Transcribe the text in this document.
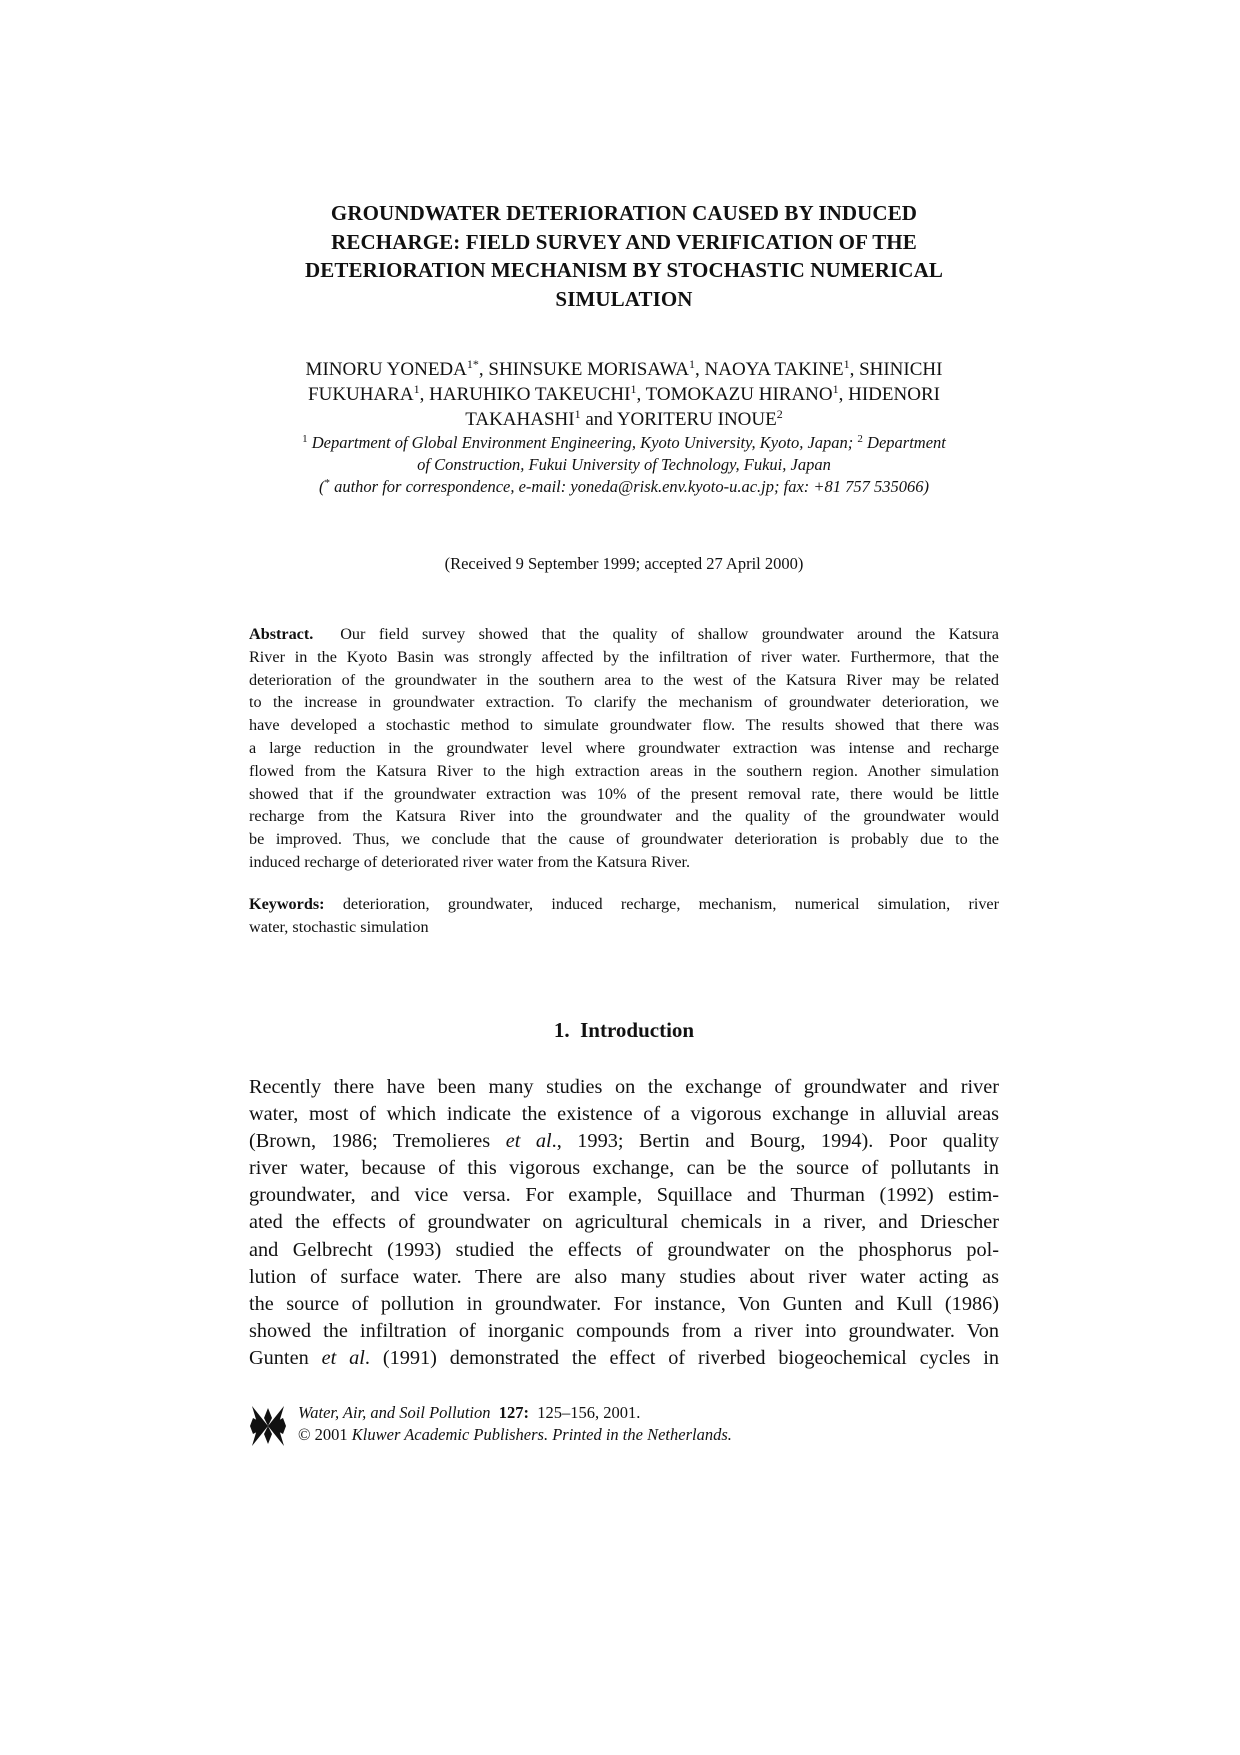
GROUNDWATER DETERIORATION CAUSED BY INDUCED
RECHARGE: FIELD SURVEY AND VERIFICATION OF THE
DETERIORATION MECHANISM BY STOCHASTIC NUMERICAL
SIMULATION
MINORU $YONEDA^{1*}$, SHINSUKE MORISAWA$^1$, NAOYA TAKINE$^1$, SHINICHI
FUKUHARA$^1$, HARUHIKO TAKEUCHI$^1$, TOMOKAZU HIRANO$^1$, HIDENORI
TAKAHASHI$^1$ and YORITERU INOUE$^2$
$^1$ Department of Global Environment Engineering, Kyoto University, Kyoto, Japan; $^2$ Department
of Construction, Fukui University of Technology, Fukui, Japan
(* author for correspondence, e-mail: yoneda@risk.env.kyoto-u.ac.jp; fax: +81 757 535066)
(Received 9 September 1999; accepted 27 April 2000)
Abstract. Our field survey showed that the quality of shallow groundwater around the Katsura
River in the Kyoto Basin was strongly affected by the infiltration of river water. Furthermore, that the
deterioration of the groundwater in the southern area to the west of the Katsura River may be related
to the increase in groundwater extraction. To clarify the mechanism of groundwater deterioration, we
have developed a stochastic method to simulate groundwater flow. The results showed that there was
a large reduction in the groundwater level where groundwater extraction was intense and recharge
flowed from the Katsura River to the high extraction areas in the southern region. Another simulation
showed that if the groundwater extraction was 10% of the present removal rate, there would be little
recharge from the Katsura River into the groundwater and the quality of the groundwater would
be improved. Thus, we conclude that the cause of groundwater deterioration is probably due to the
induced recharge of deteriorated river water from the Katsura River.
Keywords: deterioration, groundwater, induced recharge, mechanism, numerical simulation, river
water, stochastic simulation
1. Introduction
Recently there have been many studies on the exchange of groundwater and river
water, most of which indicate the existence of a vigorous exchange in alluvial areas
(Brown, 1986; Tremolieres et al., 1993; Bertin and Bourg, 1994). Poor quality
river water, because of this vigorous exchange, can be the source of pollutants in
groundwater, and vice versa. For example, Squillace and Thurman (1992) estim-
ated the effects of groundwater on agricultural chemicals in a river, and Driescher
and Gelbrecht (1993) studied the effects of groundwater on the phosphorus pol-
lution of surface water. There are also many studies about river water acting as
the source of pollution in groundwater. For instance, Von Gunten and Kull (1986)
showed the infiltration of inorganic compounds from a river into groundwater. Von
Gunten et al. (1991) demonstrated the effect of riverbed biogeochemical cycles in
Water, Air, and Soil Pollution 127: 125–156, 2001.
© 2001 Kluwer Academic Publishers. Printed in the Netherlands.
